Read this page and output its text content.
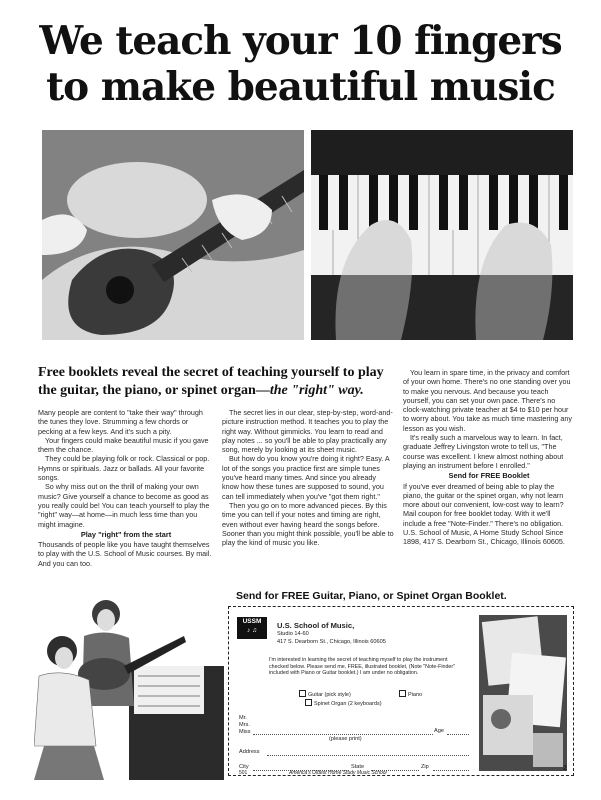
We teach your 10 fingers
to make beautiful music
Free booklets reveal the secret of teaching yourself to play the guitar, the piano, or spinet organ—the "right" way.

Many people are content to "take their way" through the tunes they love. Strumming a few chords or pecking at a few keys. And it's such a pity.

Your fingers could make beautiful music if you gave them the chance.

They could be playing folk or rock. Classical or pop. Hymns or spirituals. Jazz or ballads. All your favorite songs.

So why miss out on the thrill of making your own music? Give yourself a chance to become as good as you really could be! You can teach yourself to play the "right" way—at home—in much less time than you might imagine.

Play "right" from the start

Thousands of people like you have taught themselves to play with the U.S. School of Music courses. By mail. And you can too.

The secret lies in our clear, step-by-step, word-and-picture instruction method. It teaches you to play the right way. Without gimmicks. You learn to read and play notes ... so you'll be able to play practically any song, merely by looking at its sheet music.

But how do you know you're doing it right? Easy. A lot of the songs you practice first are simple tunes you've heard many times. And since you already know how these tunes are supposed to sound, you can tell immediately when you've "got them right."

Then you go on to more advanced pieces. By this time you can tell if your notes and timing are right, even without ever having heard the songs before. Sooner than you might think possible, you'll be able to play the kind of music you like.

You learn in spare time, in the privacy and comfort of your own home. There's no one standing over you to make you nervous. And because you teach yourself, you can set your own pace. There's no clock-watching private teacher at $4 to $10 per hour to worry about. You take as much time mastering any lesson as you wish.

It's really such a marvelous way to learn. In fact, graduate Jeffrey Livingston wrote to tell us, "The course was excellent. I knew almost nothing about playing an instrument before I enrolled."

Send for FREE Booklet

If you've ever dreamed of being able to play the piano, the guitar or the spinet organ, why not learn more about our convenient, low-cost way to learn? Mail coupon for free booklet today. With it we'll include a free "Note-Finder." There's no obligation. U.S. School of Music, A Home Study School Since 1898, 417 S. Dearborn St., Chicago, Illinois 60605.

Send for FREE Guitar, Piano, or Spinet Organ Booklet.
USSM
♪ ♫
U.S. School of Music,
Studio 14-60
417 S. Dearborn St., Chicago, Illinois 60605
I'm interested in learning the secret of teaching myself to play the instrument checked below. Please send me, FREE, illustrated booklet, (Note "Note-Finder" included with Piano or Guitar booklet.) I am under no obligation.
Guitar (pick style)	Piano
Spinet Organ (2 keyboards)
Mr.
Mrs.
Miss	Age
(please print)
Address
City	State	Zip
501	America's Oldest Home Study Music School
2
